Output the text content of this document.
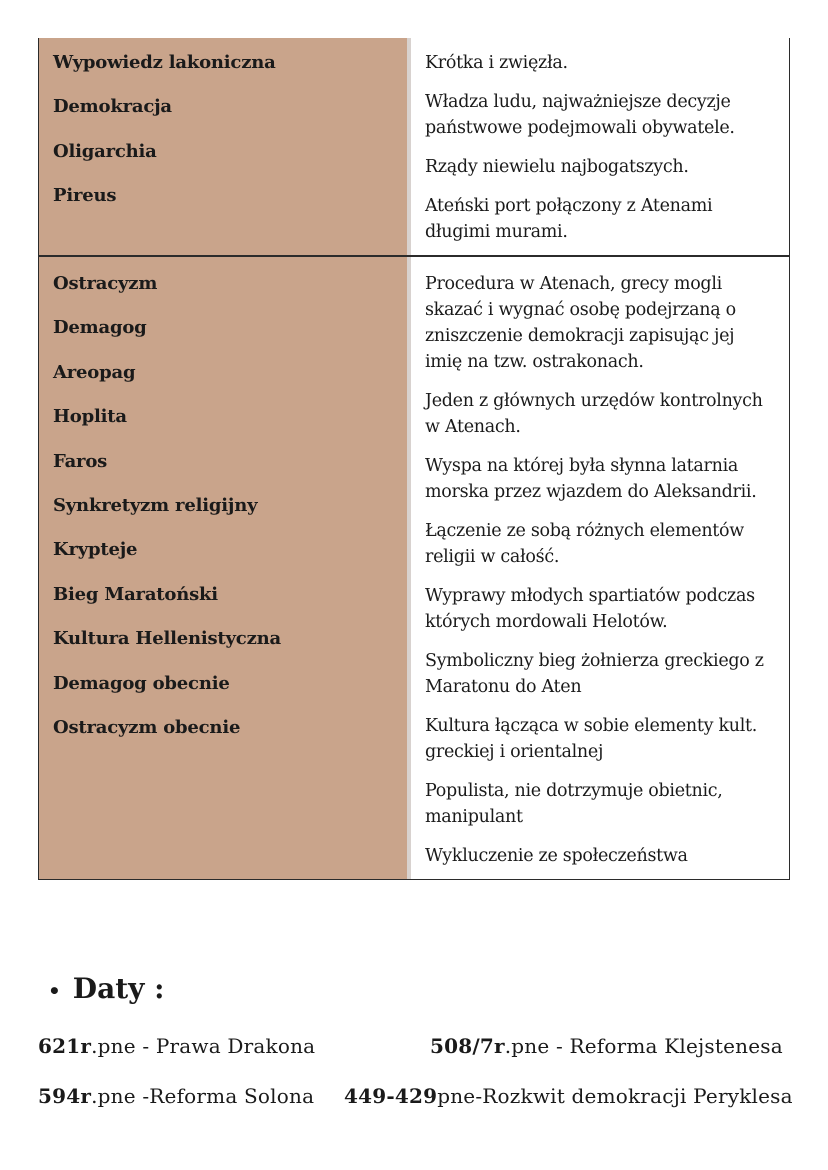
Wypowiedz lakoniczna
Demokracja
Oligarchia
Pireus
Krótka i zwięzła.
Władza ludu, najważniejsze decyzje państwowe podejmowali obywatele.
Rządy niewielu najbogatszych.
Ateński port połączony z Atenami długimi murami.
Ostracyzm
Demagog
Areopag
Hoplita
Faros
Synkretyzm religijny
Krypteje
Bieg Maratoński
Kultura Hellenistyczna
Demagog obecnie
Ostracyzm obecnie
Procedura w Atenach, grecy mogli skazać i wygnać osobę podejrzaną o zniszczenie demokracji zapisując jej imię na tzw. ostrakonach.
Jeden z głównych urzędów kontrolnych w Atenach.
Wyspa na której była słynna latarnia morska przez wjazdem do Aleksandrii.
Łączenie ze sobą różnych elementów religii w całość.
Wyprawy młodych spartiatów podczas których mordowali Helotów.
Symboliczny bieg żołnierza greckiego z Maratonu do Aten
Kultura łącząca w sobie elementy kult. greckiej i orientalnej
Populista, nie dotrzymuje obietnic, manipulant
Wykluczenie ze społeczeństwa
• Daty :
621r.pne - Prawa Drakona	508/7r.pne - Reforma Klejstenesa
594r.pne -Reforma Solona 449-429pne-Rozkwit demokracji Peryklesa
